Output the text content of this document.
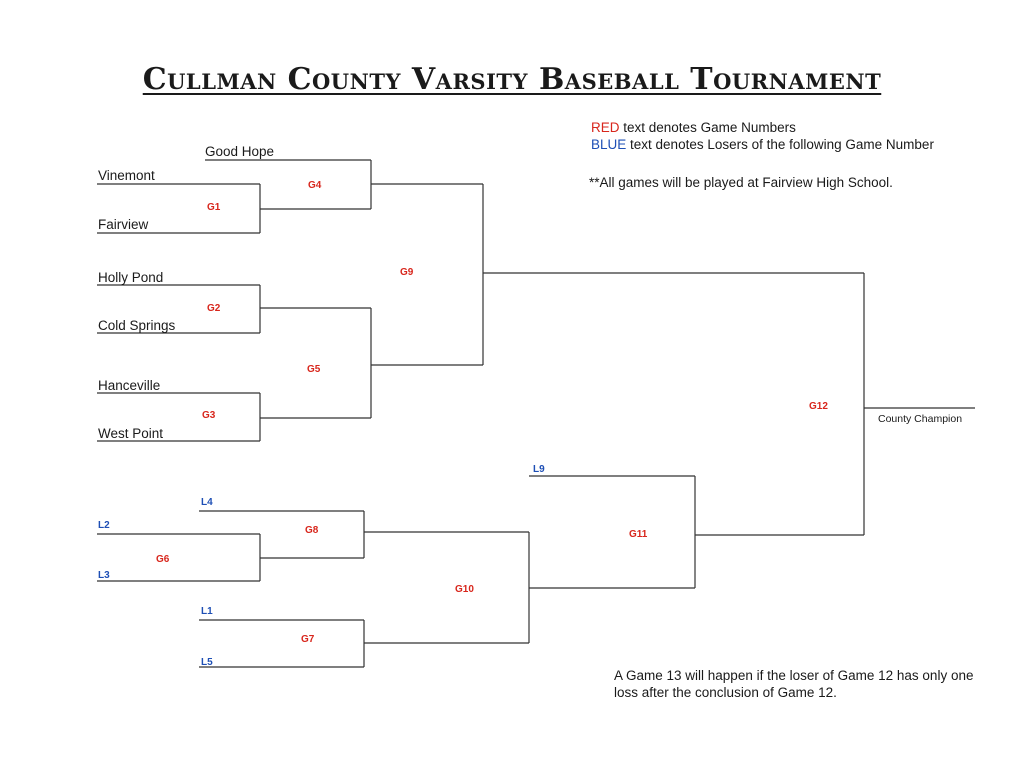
Cullman County Varsity Baseball Tournament
RED text denotes Game Numbers
BLUE text denotes Losers of the following Game Number
**All games will be played at Fairview High School.
A Game 13 will happen if the loser of Game 12 has only one loss after the conclusion of Game 12.
Good Hope
Vinemont
Fairview
Holly Pond
Cold Springs
Hanceville
West Point
G1
G4
G2
G3
G5
G9
G12
G6
G8
G7
G10
G11
L4
L2
L3
L1
L5
L9
County Champion
